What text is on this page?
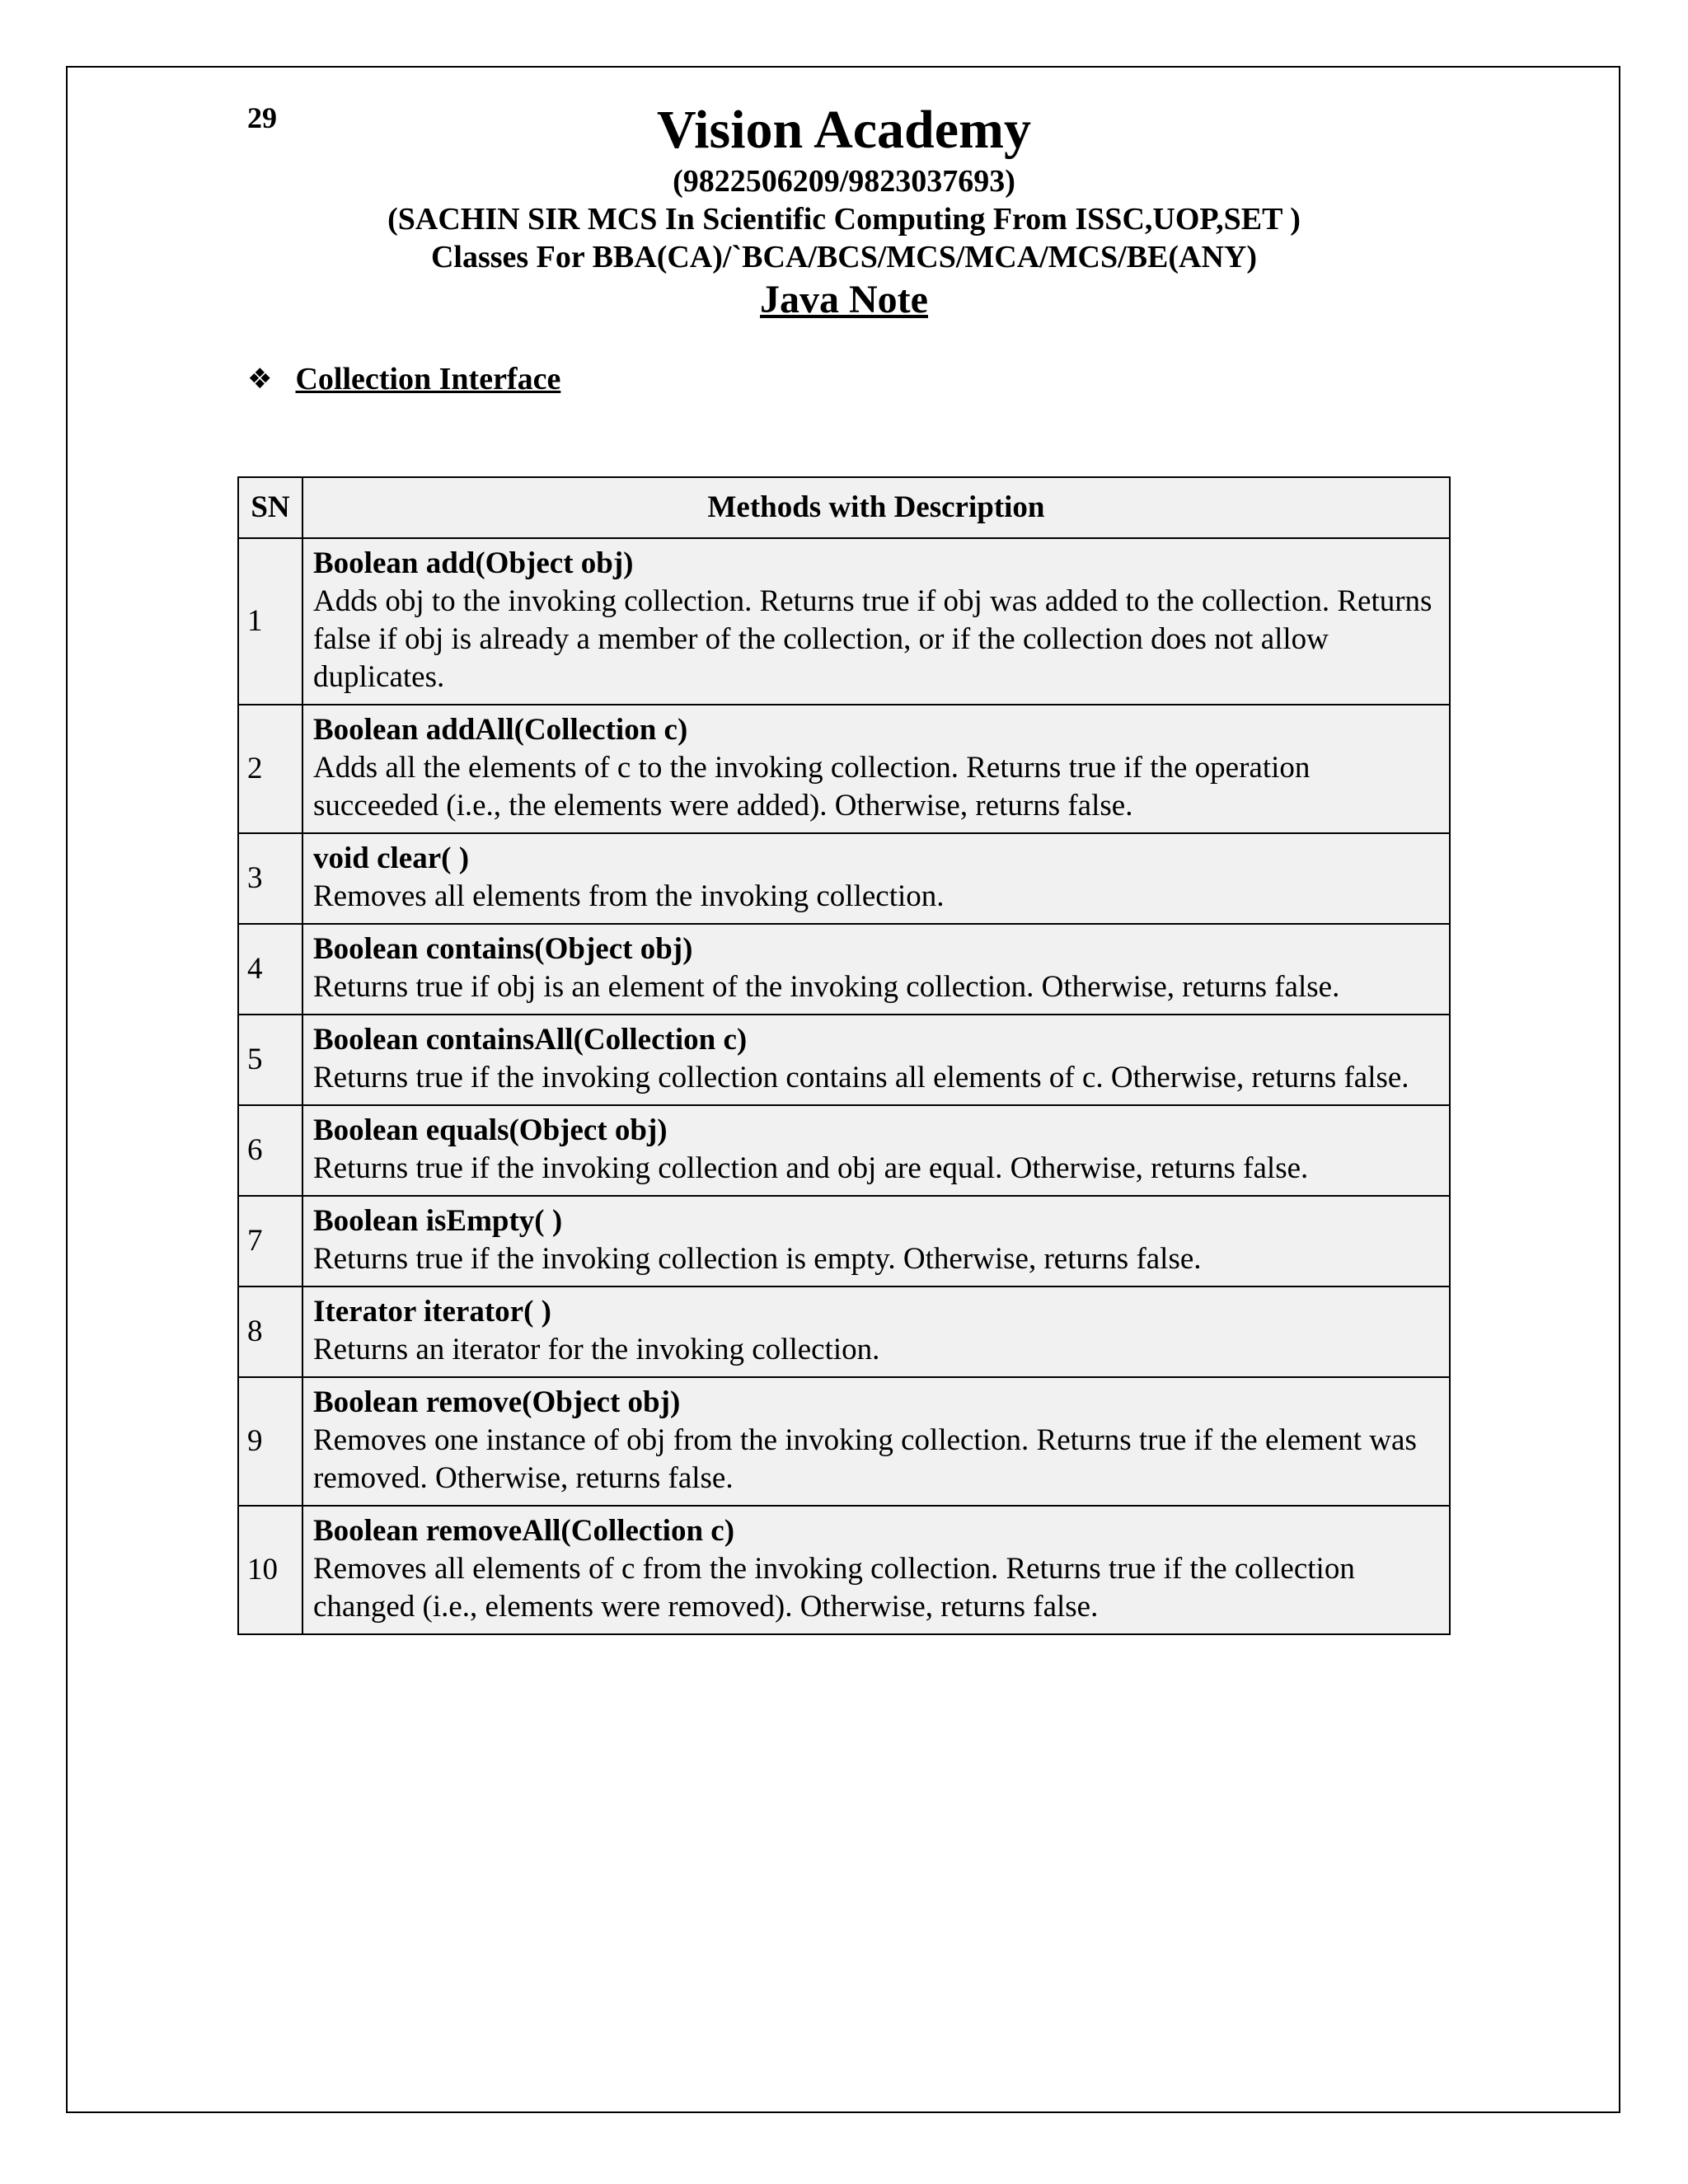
29	Vision Academy
(9822506209/9823037693)
(SACHIN SIR MCS In Scientific Computing From ISSC,UOP,SET )
Classes For BBA(CA)/`BCA/BCS/MCS/MCA/MCS/BE(ANY)
Java Note
❖ Collection Interface
SN	Methods with Description
1	Boolean add(Object obj)
Adds obj to the invoking collection. Returns true if obj was added to the collection. Returns false if obj is already a member of the collection, or if the collection does not allow duplicates.

2	Boolean addAll(Collection c)
Adds all the elements of c to the invoking collection. Returns true if the operation succeeded (i.e., the elements were added). Otherwise, returns false.

3	void clear( )
Removes all elements from the invoking collection.

4	Boolean contains(Object obj)
Returns true if obj is an element of the invoking collection. Otherwise, returns false.

5	Boolean containsAll(Collection c)
Returns true if the invoking collection contains all elements of c. Otherwise, returns false.

6	Boolean equals(Object obj)
Returns true if the invoking collection and obj are equal. Otherwise, returns false.

7	Boolean isEmpty( )
Returns true if the invoking collection is empty. Otherwise, returns false.

8	Iterator iterator( )
Returns an iterator for the invoking collection.

9	Boolean remove(Object obj)
Removes one instance of obj from the invoking collection. Returns true if the element was removed. Otherwise, returns false.

10	Boolean removeAll(Collection c)
Removes all elements of c from the invoking collection. Returns true if the collection changed (i.e., elements were removed). Otherwise, returns false.
